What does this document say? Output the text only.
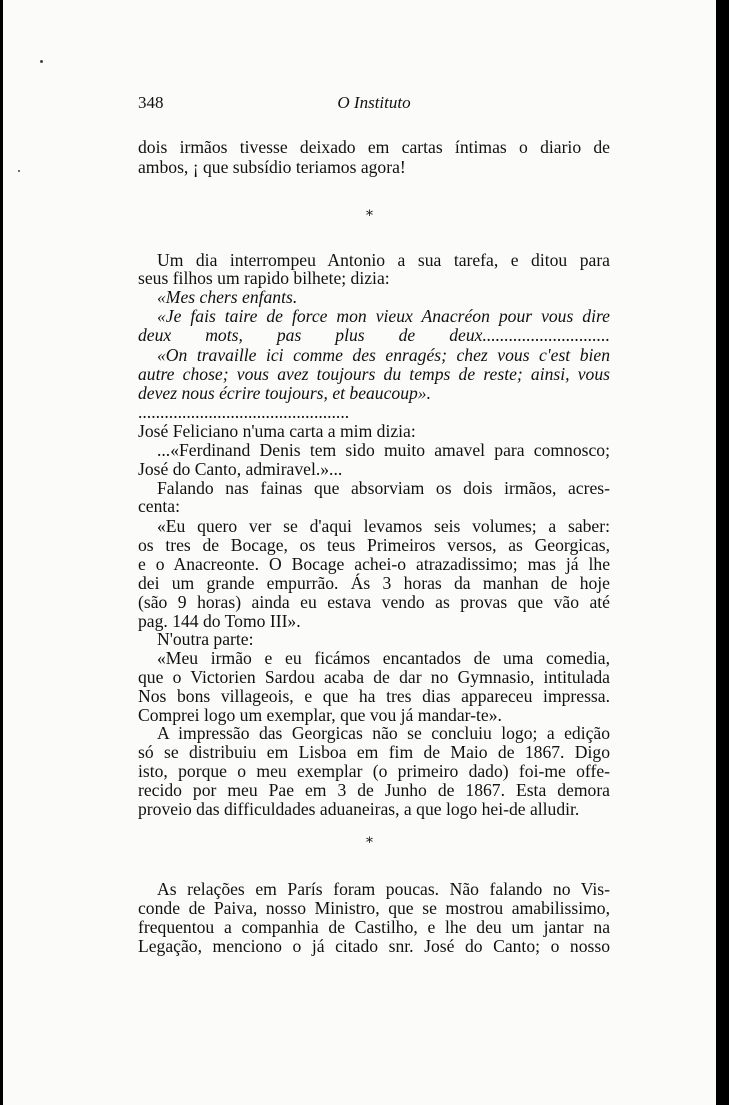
348	O Instituto
dois irmãos tivesse deixado em cartas íntimas o diario de
ambos, ¡ que subsídio teriamos agora!
Um dia interrompeu Antonio a sua tarefa, e ditou para
seus filhos um rapido bilhete; dizia:
«Mes chers enfants.
«Je fais taire de force mon vieux Anacréon pour vous dire
deux mots, pas plus de deux.............................
«On travaille ici comme des enragés; chez vous c'est bien
autre chose; vous avez toujours du temps de reste; ainsi, vous
devez nous écrire toujours, et beaucoup».
................................................
José Feliciano n'uma carta a mim dizia:
...«Ferdinand Denis tem sido muito amavel para comnosco;
José do Canto, admiravel.»...
Falando nas fainas que absorviam os dois irmãos, acres-
centa:
«Eu quero ver se d'aqui levamos seis volumes; a saber:
os tres de Bocage, os teus Primeiros versos, as Georgicas,
e o Anacreonte. O Bocage achei-o atrazadissimo; mas já lhe
dei um grande empurrão. Ás 3 horas da manhan de hoje
(são 9 horas) ainda eu estava vendo as provas que vão até
pag. 144 do Tomo III».
N'outra parte:
«Meu irmão e eu ficámos encantados de uma comedia,
que o Victorien Sardou acaba de dar no Gymnasio, intitulada
Nos bons villageois, e que ha tres dias appareceu impressa.
Comprei logo um exemplar, que vou já mandar-te».
A impressão das Georgicas não se concluiu logo; a edição
só se distribuiu em Lisboa em fim de Maio de 1867. Digo
isto, porque o meu exemplar (o primeiro dado) foi-me offe-
recido por meu Pae em 3 de Junho de 1867. Esta demora
proveio das difficuldades aduaneiras, a que logo hei-de alludir.
As relações em París foram poucas. Não falando no Vis-
conde de Paiva, nosso Ministro, que se mostrou amabilissimo,
frequentou a companhia de Castilho, e lhe deu um jantar na
Legação, menciono o já citado snr. José do Canto; o nosso
*
*
